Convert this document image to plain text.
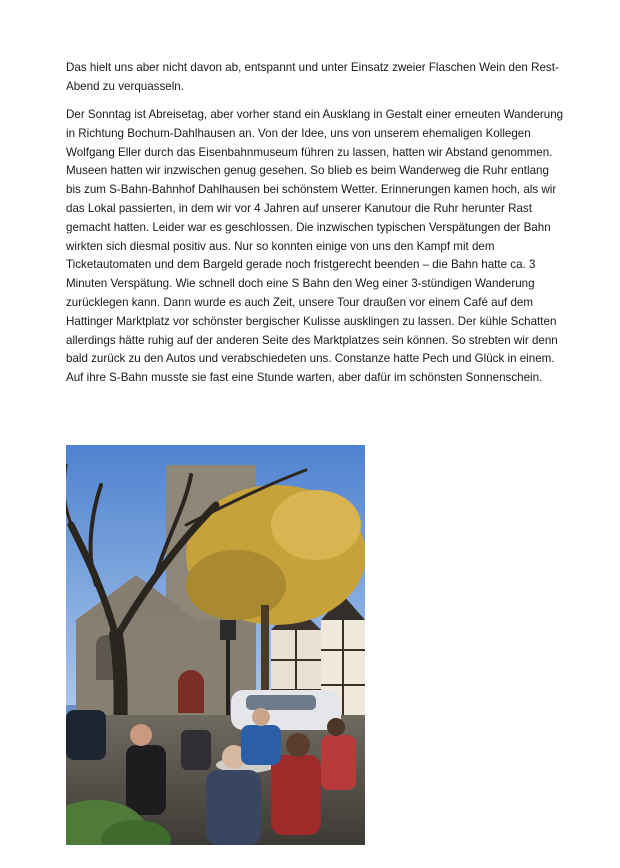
Das hielt uns aber nicht davon ab, entspannt und unter Einsatz zweier Flaschen Wein den Rest-Abend zu verquasseln.

Der Sonntag ist Abreisetag, aber vorher stand ein Ausklang in Gestalt einer erneuten Wanderung in Richtung Bochum-Dahlhausen an. Von der Idee, uns von unserem ehemaligen Kollegen Wolfgang Eller durch das Eisenbahnmuseum führen zu lassen, hatten wir Abstand genommen. Museen hatten wir inzwischen genug gesehen. So blieb es beim Wanderweg die Ruhr entlang bis zum S-Bahn-Bahnhof Dahlhausen bei schönstem Wetter. Erinnerungen kamen hoch, als wir das Lokal passierten, in dem wir vor 4 Jahren auf unserer Kanutour die Ruhr herunter Rast gemacht hatten. Leider war es geschlossen. Die inzwischen typischen Verspätungen der Bahn wirkten sich diesmal positiv aus. Nur so konnten einige von uns den Kampf mit dem Ticketautomaten und dem Bargeld gerade noch fristgerecht beenden – die Bahn hatte ca. 3 Minuten Verspätung. Wie schnell doch eine S Bahn den Weg einer 3-stündigen Wanderung zurücklegen kann. Dann wurde es auch Zeit, unsere Tour draußen vor einem Café auf dem Hattinger Marktplatz vor schönster bergischer Kulisse ausklingen zu lassen. Der kühle Schatten allerdings hätte ruhig auf der anderen Seite des Marktplatzes sein können. So strebten wir denn bald zurück zu den Autos und verabschiedeten uns. Constanze hatte Pech und Glück in einem. Auf ihre S-Bahn musste sie fast eine Stunde warten, aber dafür im schönsten Sonnenschein.
